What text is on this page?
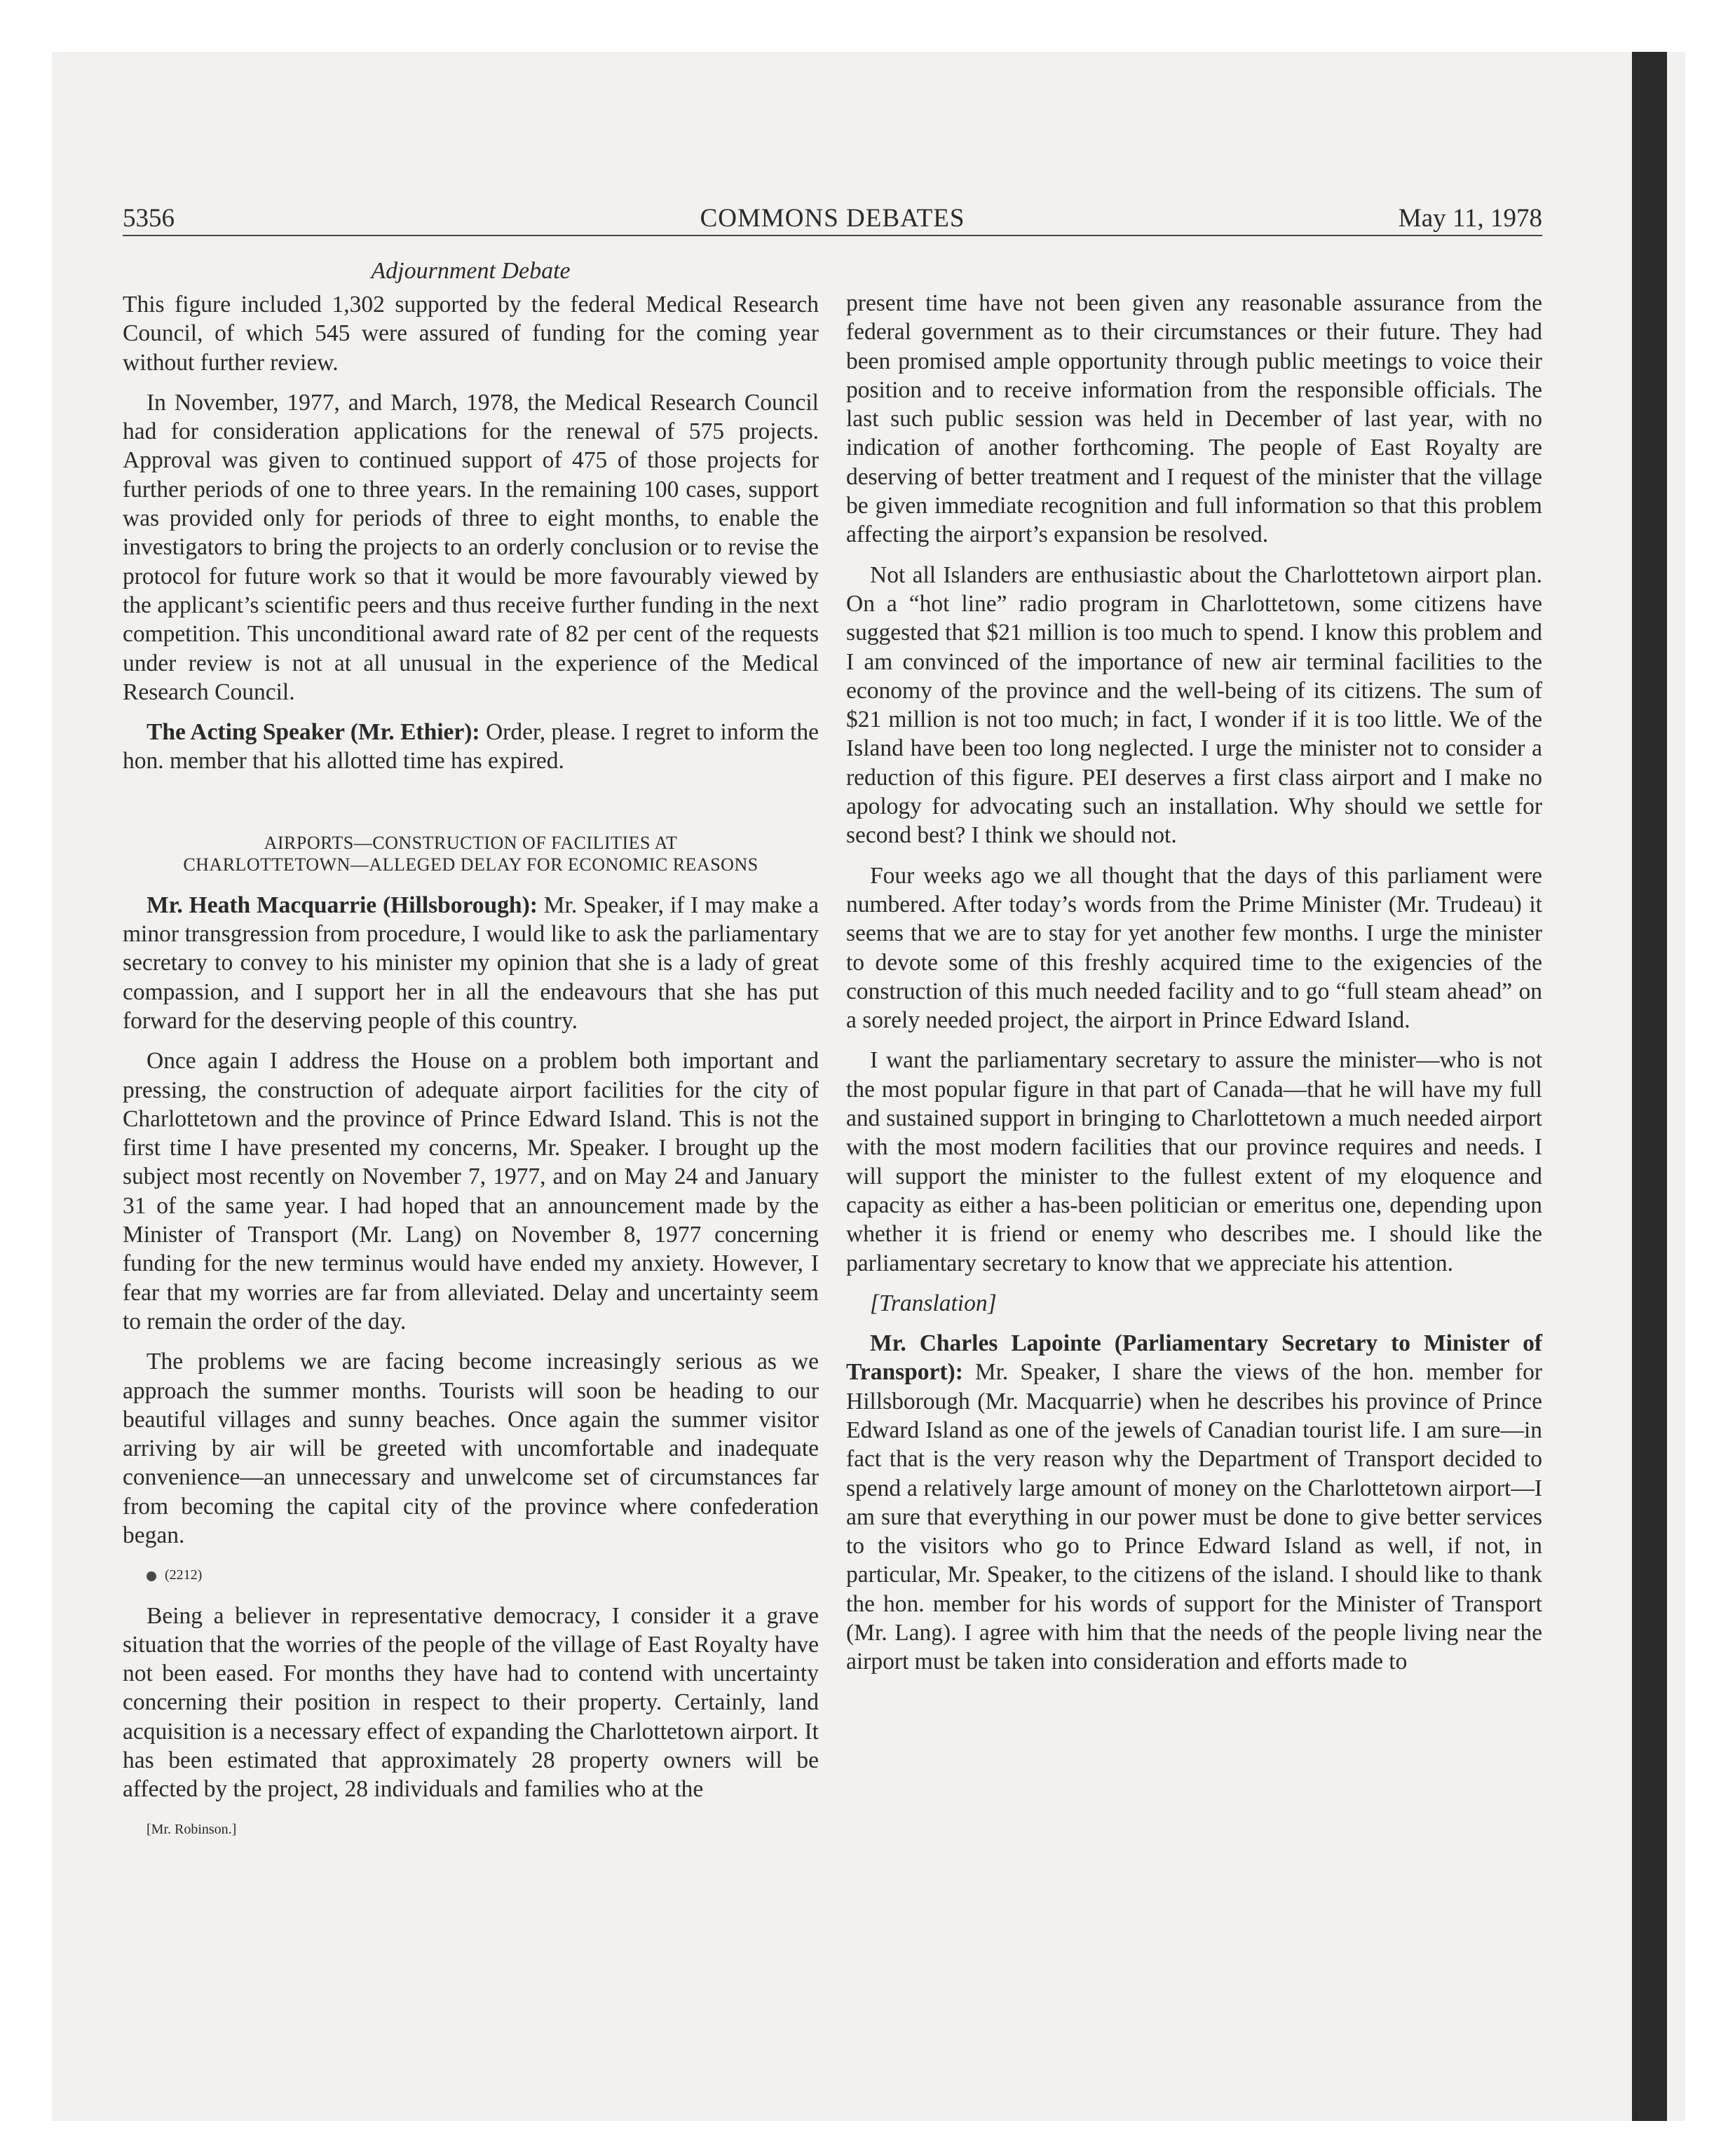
5356	COMMONS DEBATES	May 11, 1978
Adjournment Debate

This figure included 1,302 supported by the federal Medical Research Council, of which 545 were assured of funding for the coming year without further review.

In November, 1977, and March, 1978, the Medical Research Council had for consideration applications for the renewal of 575 projects. Approval was given to continued support of 475 of those projects for further periods of one to three years. In the remaining 100 cases, support was provided only for periods of three to eight months, to enable the investigators to bring the projects to an orderly conclusion or to revise the protocol for future work so that it would be more favourably viewed by the applicant’s scientific peers and thus receive further funding in the next competition. This unconditional award rate of 82 per cent of the requests under review is not at all unusual in the experience of the Medical Research Council.

The Acting Speaker (Mr. Ethier): Order, please. I regret to inform the hon. member that his allotted time has expired.

AIRPORTS—CONSTRUCTION OF FACILITIES AT
CHARLOTTETOWN—ALLEGED DELAY FOR ECONOMIC REASONS

Mr. Heath Macquarrie (Hillsborough): Mr. Speaker, if I may make a minor transgression from procedure, I would like to ask the parliamentary secretary to convey to his minister my opinion that she is a lady of great compassion, and I support her in all the endeavours that she has put forward for the deserving people of this country.

Once again I address the House on a problem both important and pressing, the construction of adequate airport facilities for the city of Charlottetown and the province of Prince Edward Island. This is not the first time I have presented my concerns, Mr. Speaker. I brought up the subject most recently on November 7, 1977, and on May 24 and January 31 of the same year. I had hoped that an announcement made by the Minister of Transport (Mr. Lang) on November 8, 1977 concerning funding for the new terminus would have ended my anxiety. However, I fear that my worries are far from alleviated. Delay and uncertainty seem to remain the order of the day.

The problems we are facing become increasingly serious as we approach the summer months. Tourists will soon be heading to our beautiful villages and sunny beaches. Once again the summer visitor arriving by air will be greeted with uncomfortable and inadequate convenience—an unnecessary and unwelcome set of circumstances far from becoming the capital city of the province where confederation began.

(2212)

Being a believer in representative democracy, I consider it a grave situation that the worries of the people of the village of East Royalty have not been eased. For months they have had to contend with uncertainty concerning their position in respect to their property. Certainly, land acquisition is a necessary effect of expanding the Charlottetown airport. It has been estimated that approximately 28 property owners will be affected by the project, 28 individuals and families who at the

[Mr. Robinson.]

present time have not been given any reasonable assurance from the federal government as to their circumstances or their future. They had been promised ample opportunity through public meetings to voice their position and to receive information from the responsible officials. The last such public session was held in December of last year, with no indication of another forthcoming. The people of East Royalty are deserving of better treatment and I request of the minister that the village be given immediate recognition and full information so that this problem affecting the airport’s expansion be resolved.

Not all Islanders are enthusiastic about the Charlottetown airport plan. On a “hot line” radio program in Charlottetown, some citizens have suggested that $21 million is too much to spend. I know this problem and I am convinced of the importance of new air terminal facilities to the economy of the province and the well-being of its citizens. The sum of $21 million is not too much; in fact, I wonder if it is too little. We of the Island have been too long neglected. I urge the minister not to consider a reduction of this figure. PEI deserves a first class airport and I make no apology for advocating such an installation. Why should we settle for second best? I think we should not.

Four weeks ago we all thought that the days of this parliament were numbered. After today’s words from the Prime Minister (Mr. Trudeau) it seems that we are to stay for yet another few months. I urge the minister to devote some of this freshly acquired time to the exigencies of the construction of this much needed facility and to go “full steam ahead” on a sorely needed project, the airport in Prince Edward Island.

I want the parliamentary secretary to assure the minister—who is not the most popular figure in that part of Canada—that he will have my full and sustained support in bringing to Charlottetown a much needed airport with the most modern facilities that our province requires and needs. I will support the minister to the fullest extent of my eloquence and capacity as either a has-been politician or emeritus one, depending upon whether it is friend or enemy who describes me. I should like the parliamentary secretary to know that we appreciate his attention.

[Translation]

Mr. Charles Lapointe (Parliamentary Secretary to Minister of Transport): Mr. Speaker, I share the views of the hon. member for Hillsborough (Mr. Macquarrie) when he describes his province of Prince Edward Island as one of the jewels of Canadian tourist life. I am sure—in fact that is the very reason why the Department of Transport decided to spend a relatively large amount of money on the Charlottetown airport—I am sure that everything in our power must be done to give better services to the visitors who go to Prince Edward Island as well, if not, in particular, Mr. Speaker, to the citizens of the island. I should like to thank the hon. member for his words of support for the Minister of Transport (Mr. Lang). I agree with him that the needs of the people living near the airport must be taken into consideration and efforts made to
